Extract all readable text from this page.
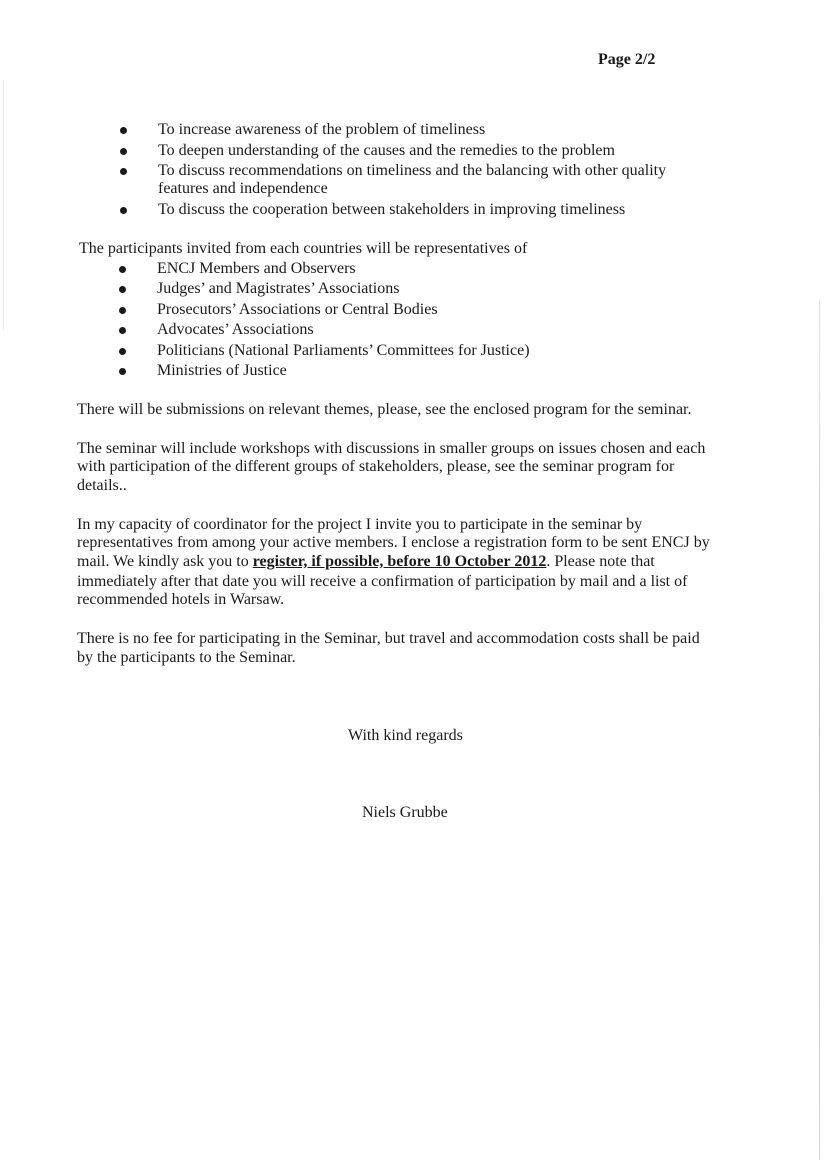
Page 2/2
To increase awareness of the problem of timeliness
To deepen understanding of the causes and the remedies to the problem
To discuss recommendations on timeliness and the balancing with other quality
features and independence
To discuss the cooperation between stakeholders in improving timeliness
The participants invited from each countries will be representatives of
ENCJ Members and Observers
Judges’ and Magistrates’ Associations
Prosecutors’ Associations or Central Bodies
Advocates’ Associations
Politicians (National Parliaments’ Committees for Justice)
Ministries of Justice
There will be submissions on relevant themes, please, see the enclosed program for the seminar.
The seminar will include workshops with discussions in smaller groups on issues chosen and each
with participation of the different groups of stakeholders, please, see the seminar program for
details..
In my capacity of coordinator for the project I invite you to participate in the seminar by
representatives from among your active members. I enclose a registration form to be sent ENCJ by
mail. We kindly ask you to register, if possible, before 10 October 2012. Please note that
immediately after that date you will receive a confirmation of participation by mail and a list of
recommended hotels in Warsaw.
There is no fee for participating in the Seminar, but travel and accommodation costs shall be paid
by the participants to the Seminar.
With kind regards
Niels Grubbe
